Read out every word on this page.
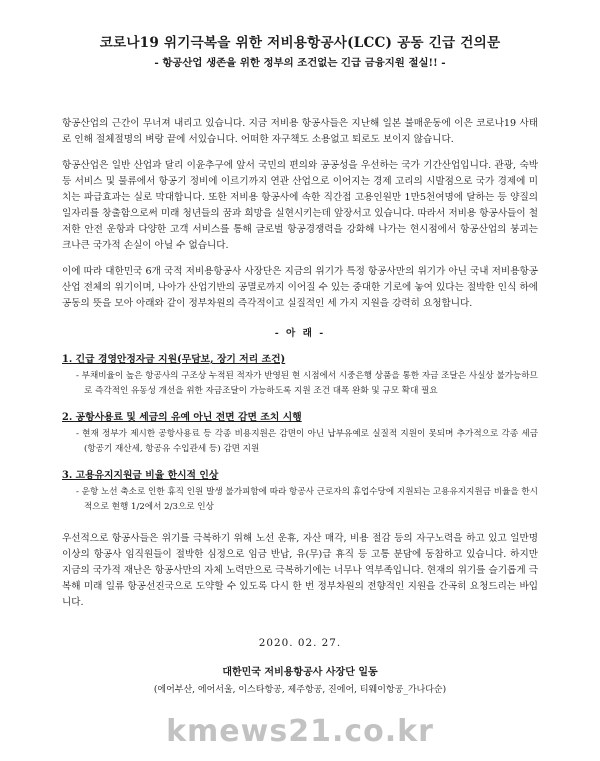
코로나19 위기극복을 위한 저비용항공사(LCC) 공동 긴급 건의문

- 항공산업 생존을 위한 정부의 조건없는 긴급 금융지원 절실!! -

항공산업의 근간이 무너져 내리고 있습니다. 지금 저비용 항공사들은 지난해 일본 불매운동에 이은 코로나19 사태로 인해 절체절명의 벼랑 끝에 서있습니다. 어떠한 자구책도 소용없고 퇴로도 보이지 않습니다.

항공산업은 일반 산업과 달리 이윤추구에 앞서 국민의 편의와 공공성을 우선하는 국가 기간산업입니다. 관광, 숙박 등 서비스 및 물류에서 항공기 정비에 이르기까지 연관 산업으로 이어지는 경제 고리의 시발점으로 국가 경제에 미치는 파급효과는 실로 막대합니다. 또한 저비용 항공사에 속한 직간접 고용인원만 1만5천여명에 달하는 등 양질의 일자리를 창출함으로써 미래 청년들의 꿈과 희망을 실현시키는데 앞장서고 있습니다. 따라서 저비용 항공사들이 철저한 안전 운항과 다양한 고객 서비스를 통해 글로벌 항공경쟁력을 강화해 나가는 현시점에서 항공산업의 붕괴는 크나큰 국가적 손실이 아닐 수 없습니다.

이에 따라 대한민국 6개 국적 저비용항공사 사장단은 지금의 위기가 특정 항공사만의 위기가 아닌 국내 저비용항공산업 전체의 위기이며, 나아가 산업기반의 공멸로까지 이어질 수 있는 중대한 기로에 놓여 있다는 절박한 인식 하에 공동의 뜻을 모아 아래와 같이 정부차원의 즉각적이고 실질적인 세 가지 지원을 강력히 요청합니다.

- 아 래 -

1. 긴급 경영안정자금 지원(무담보, 장기 저리 조건)

- 부채비율이 높은 항공사의 구조상 누적된 적자가 반영된 현 시점에서 시중은행 상품을 통한 자금 조달은 사실상 불가능하므로 즉각적인 유동성 개선을 위한 자금조달이 가능하도록 지원 조건 대폭 완화 및 규모 확대 필요

2. 공항사용료 및 세금의 유예 아닌 전면 감면 조치 시행

- 현재 정부가 제시한 공항사용료 등 각종 비용지원은 감면이 아닌 납부유예로 실질적 지원이 못되며 추가적으로 각종 세금(항공기 재산세, 항공유 수입관세 등) 감면 지원

3. 고용유지지원금 비율 한시적 인상

- 운항 노선 축소로 인한 휴직 인원 발생 불가피함에 따라 항공사 근로자의 휴업수당에 지원되는 고용유지지원금 비율을 한시적으로 현행 1/2에서 2/3으로 인상

우선적으로 항공사들은 위기를 극복하기 위해 노선 운휴, 자산 매각, 비용 절감 등의 자구노력을 하고 있고 일만명 이상의 항공사 임직원들이 절박한 심정으로 임금 반납, 유(무)급 휴직 등 고통 분담에 동참하고 있습니다. 하지만 지금의 국가적 재난은 항공사만의 자체 노력만으로 극복하기에는 너무나 역부족입니다. 현재의 위기를 슬기롭게 극복해 미래 일류 항공선진국으로 도약할 수 있도록 다시 한 번 정부차원의 전향적인 지원을 간곡히 요청드리는 바입니다.

2020. 02. 27.
대한민국 저비용항공사 사장단 일동
(에어부산, 에어서울, 이스타항공, 제주항공, 진에어, 티웨이항공_가나다순)
kmews21.co.kr
